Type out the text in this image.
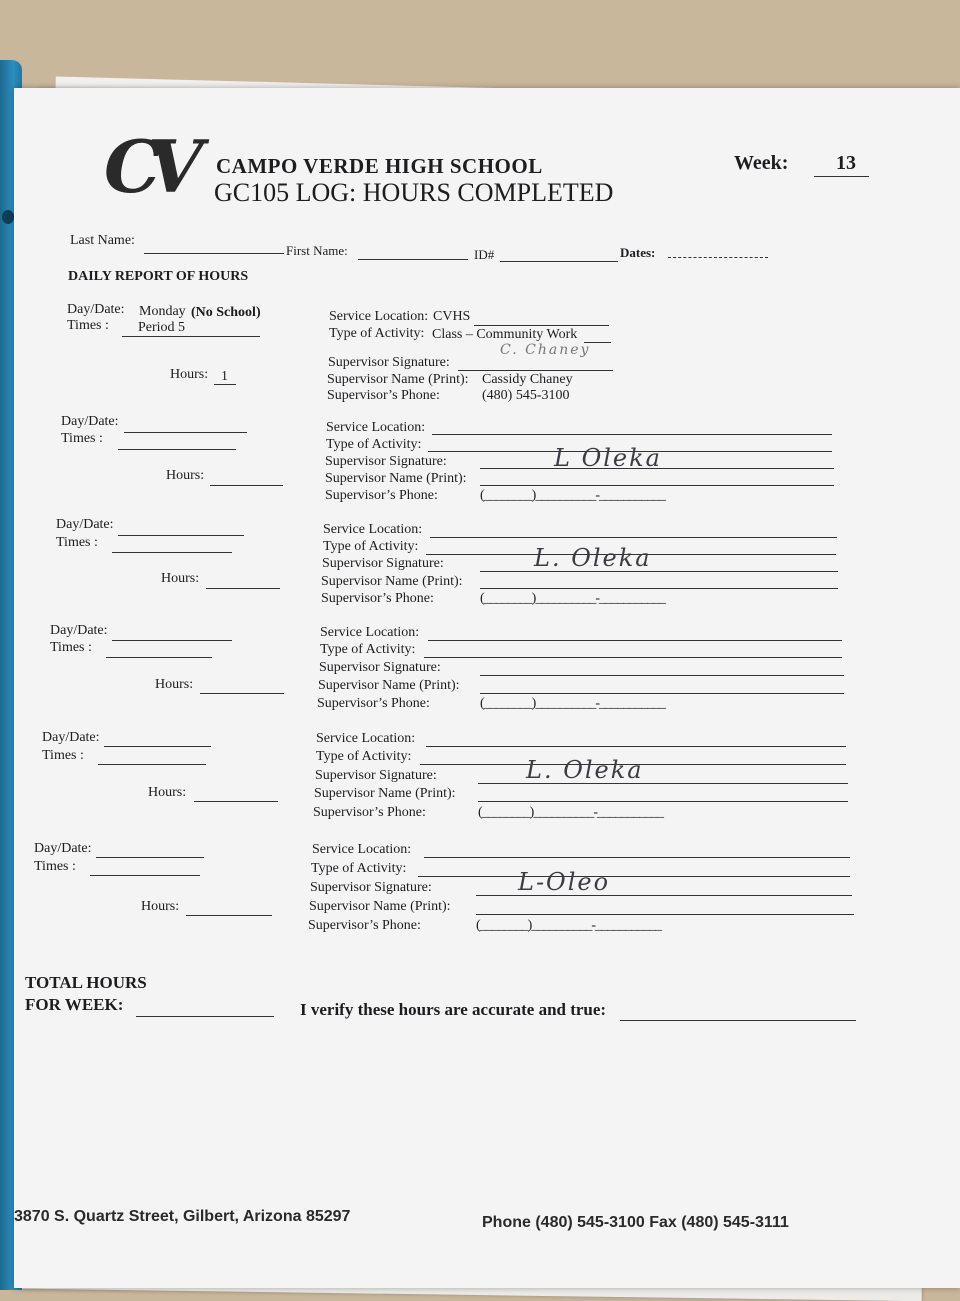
CV	CAMPO VERDE HIGH SCHOOL
GC105 LOG: HOURS COMPLETED
Week: 13
Last Name:
First Name:	ID#	Dates:
DAILY REPORT OF HOURS
Day/Date: Monday (No School)
Times : Period 5
Hours: 1
Service Location: CVHS
Type of Activity: Class – Community Work
Supervisor Signature:
C. Chaney
Supervisor Name (Print): Cassidy Chaney
Supervisor’s Phone:	(480) 545-3100
Day/Date:
Times :
Hours:
Service Location:
Type of Activity:
Supervisor Signature:	L Oleka
Supervisor Name (Print):
Supervisor’s Phone:	(________)__________-___________
Day/Date:
Times :
Hours:
Service Location:
Type of Activity:
Supervisor Signature:	L. Oleka
Supervisor Name (Print):
Supervisor’s Phone:	(________)__________-___________
Day/Date:
Times :
Hours:
Service Location:
Type of Activity:
Supervisor Signature:
Supervisor Name (Print):
Supervisor’s Phone:	(________)__________-___________
Day/Date:
Times :
Hours:
Service Location:
Type of Activity:
Supervisor Signature:	L. Oleka
Supervisor Name (Print):
Supervisor’s Phone:	(________)__________-___________
Day/Date:
Times :
Hours:
Service Location:
Type of Activity:
Supervisor Signature:	L-Oleo
Supervisor Name (Print):
Supervisor’s Phone:	(________)__________-___________
TOTAL HOURS
FOR WEEK:	I verify these hours are accurate and true:
3870 S. Quartz Street, Gilbert, Arizona 85297	Phone (480) 545-3100 Fax (480) 545-3111
